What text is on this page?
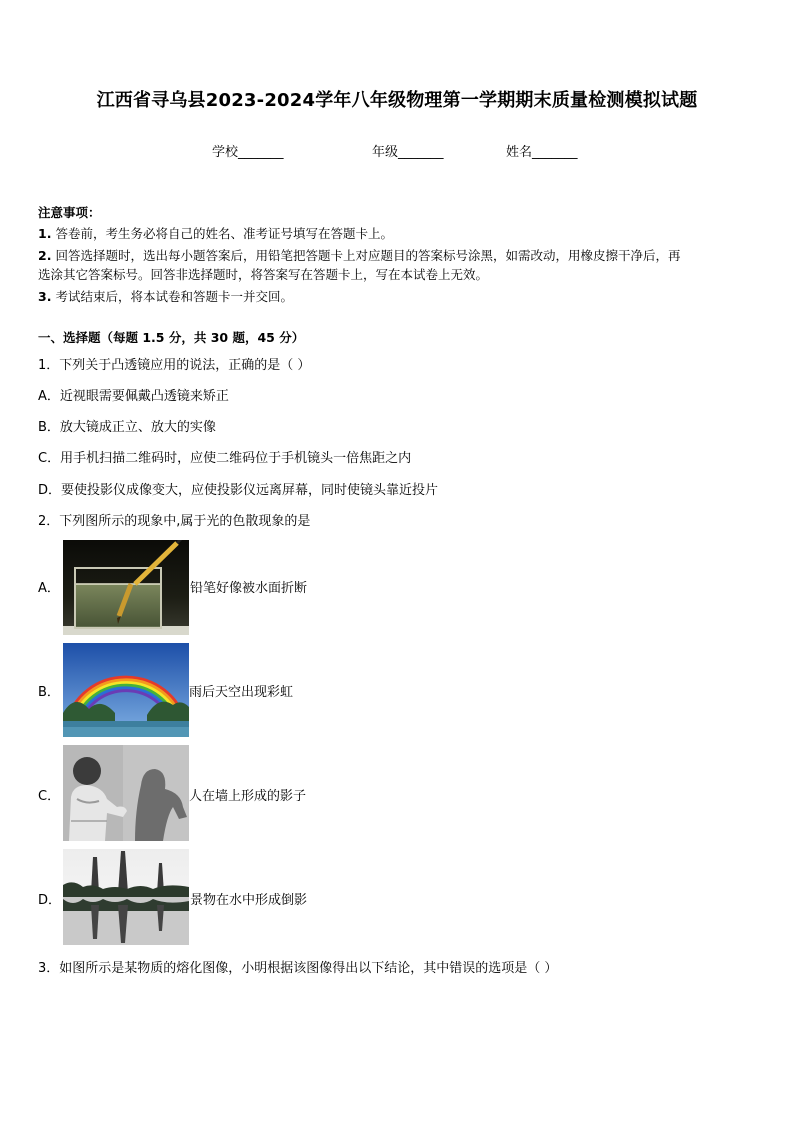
江西省寻乌县2023-2024学年八年级物理第一学期期末质量检测模拟试题
学校_______	年级_______	姓名_______
注意事项：
1. 答卷前，考生务必将自己的姓名、准考证号填写在答题卡上。
2. 回答选择题时，选出每小题答案后，用铅笔把答题卡上对应题目的答案标号涂黑，如需改动，用橡皮擦干净后，再
选涂其它答案标号。回答非选择题时，将答案写在答题卡上，写在本试卷上无效。
3. 考试结束后，将本试卷和答题卡一并交回。
一、选择题（每题 1.5 分，共 30 题，45 分）
1．下列关于凸透镜应用的说法，正确的是（ ）
A．近视眼需要佩戴凸透镜来矫正
B．放大镜成正立、放大的实像
C．用手机扫描二维码时，应使二维码位于手机镜头一倍焦距之内
D．要使投影仪成像变大，应使投影仪远离屏幕，同时使镜头靠近投片
2．下列图所示的现象中,属于光的色散现象的是
A．	铅笔好像被水面折断
B．	雨后天空出现彩虹
C．	人在墙上形成的影子
D．	景物在水中形成倒影
3．如图所示是某物质的熔化图像，小明根据该图像得出以下结论，其中错误的选项是（ ）
